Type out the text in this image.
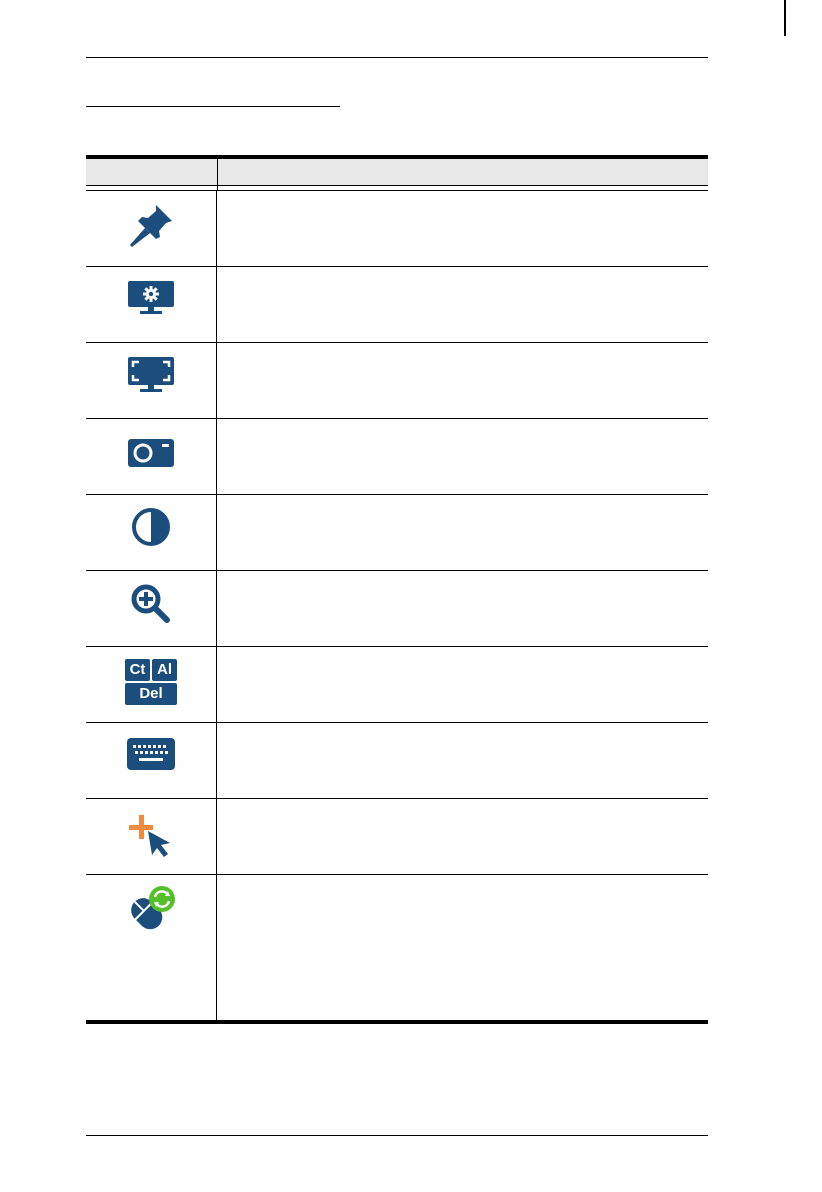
Ct Al
Del
